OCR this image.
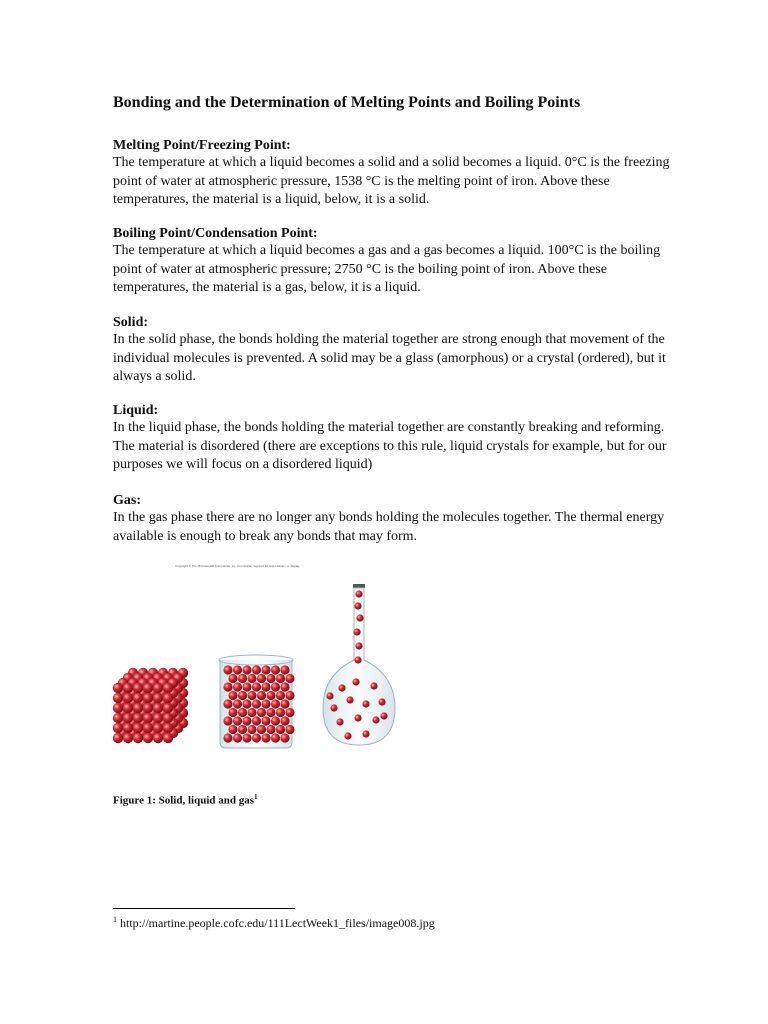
Bonding and the Determination of Melting Points and Boiling Points
Melting Point/Freezing Point:

The temperature at which a liquid becomes a solid and a solid becomes a liquid. 0°C is the freezing point of water at atmospheric pressure, 1538 °C is the melting point of iron. Above these temperatures, the material is a liquid, below, it is a solid.

Boiling Point/Condensation Point:

The temperature at which a liquid becomes a gas and a gas becomes a liquid. 100°C is the boiling point of water at atmospheric pressure; 2750 °C is the boiling point of iron. Above these temperatures, the material is a gas, below, it is a liquid.

Solid:

In the solid phase, the bonds holding the material together are strong enough that movement of the individual molecules is prevented. A solid may be a glass (amorphous) or a crystal (ordered), but it always a solid.

Liquid:

In the liquid phase, the bonds holding the material together are constantly breaking and reforming. The material is disordered (there are exceptions to this rule, liquid crystals for example, but for our purposes we will focus on a disordered liquid)

Gas:

In the gas phase there are no longer any bonds holding the molecules together. The thermal energy available is enough to break any bonds that may form.

Copyright © The McGraw-Hill Companies, Inc. Permission required for reproduction or display.
Figure 1: Solid, liquid and gas$^1$
$^1$ http://martine.people.cofc.edu/111LectWeek1_files/image008.jpg
